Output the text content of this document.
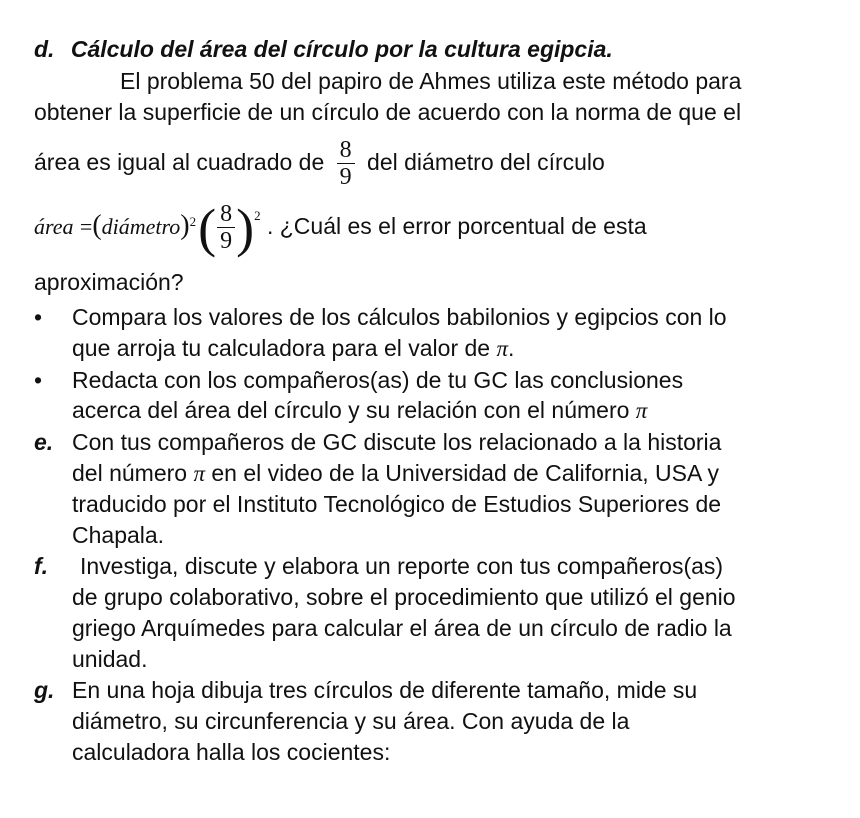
d. Cálculo del área del círculo por la cultura egipcia.
El problema 50 del papiro de Ahmes utiliza este método para
obtener la superficie de un círculo de acuerdo con la norma de que el
área es igual al cuadrado de $\frac{8}{9}$ del diámetro del círculo
área =(diámetro)$^2$( $\frac{8}{9} )^2$ . ¿Cuál es el error porcentual de esta
aproximación?
• Compara los valores de los cálculos babilonios y egipcios con lo
que arroja tu calculadora para el valor de π.
• Redacta con los compañeros(as) de tu GC las conclusiones
acerca del área del círculo y su relación con el número π
e. Con tus compañeros de GC discute los relacionado a la historia
del número π en el video de la Universidad de California, USA y
traducido por el Instituto Tecnológico de Estudios Superiores de
Chapala.
f. Investiga, discute y elabora un reporte con tus compañeros(as)
de grupo colaborativo, sobre el procedimiento que utilizó el genio
griego Arquímedes para calcular el área de un círculo de radio la
unidad.
g. En una hoja dibuja tres círculos de diferente tamaño, mide su
diámetro, su circunferencia y su área. Con ayuda de la
calculadora halla los cocientes:
